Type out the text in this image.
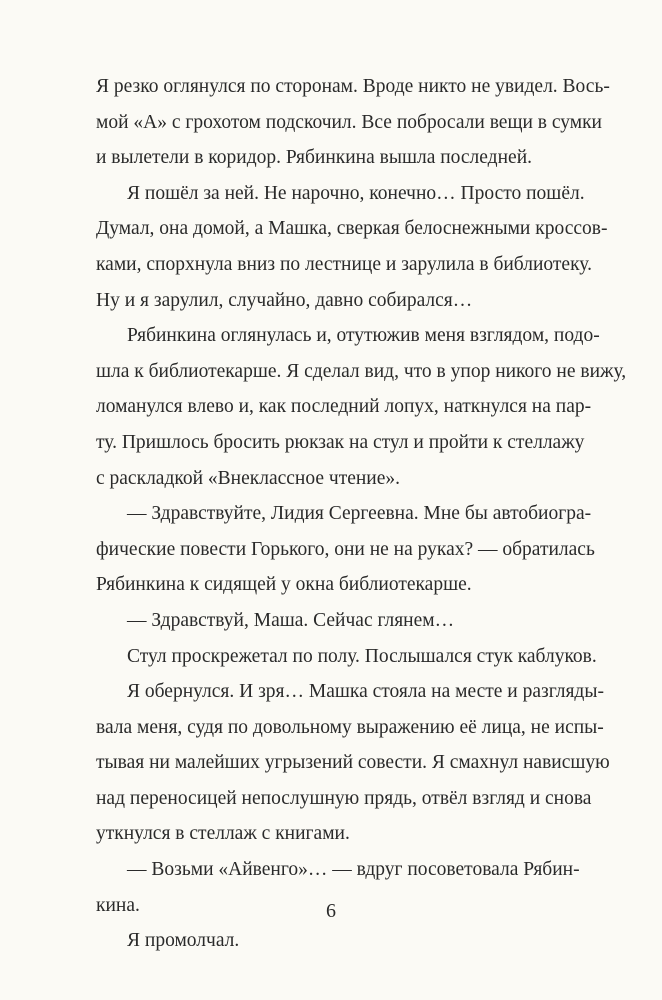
Я резко оглянулся по сторонам. Вроде никто не увидел. Вось-
мой «А» с грохотом подскочил. Все побросали вещи в сумки
и вылетели в коридор. Рябинкина вышла последней.
Я пошёл за ней. Не нарочно, конечно… Просто пошёл.
Думал, она домой, а Машка, сверкая белоснежными кроссов-
ками, спорхнула вниз по лестнице и зарулила в библиотеку.
Ну и я зарулил, случайно, давно собирался…
Рябинкина оглянулась и, отутюжив меня взглядом, подо-
шла к библиотекарше. Я сделал вид, что в упор никого не вижу,
ломанулся влево и, как последний лопух, наткнулся на пар-
ту. Пришлось бросить рюкзак на стул и пройти к стеллажу
с раскладкой «Внеклассное чтение».
— Здравствуйте, Лидия Сергеевна. Мне бы автобиогра-
фические повести Горького, они не на руках? — обратилась
Рябинкина к сидящей у окна библиотекарше.
— Здравствуй, Маша. Сейчас глянем…
Стул проскрежетал по полу. Послышался стук каблуков.
Я обернулся. И зря… Машка стояла на месте и разгляды-
вала меня, судя по довольному выражению её лица, не испы-
тывая ни малейших угрызений совести. Я смахнул нависшую
над переносицей непослушную прядь, отвёл взгляд и снова
уткнулся в стеллаж с книгами.
— Возьми «Айвенго»… — вдруг посоветовала Рябин-
кина.
Я промолчал.
6
